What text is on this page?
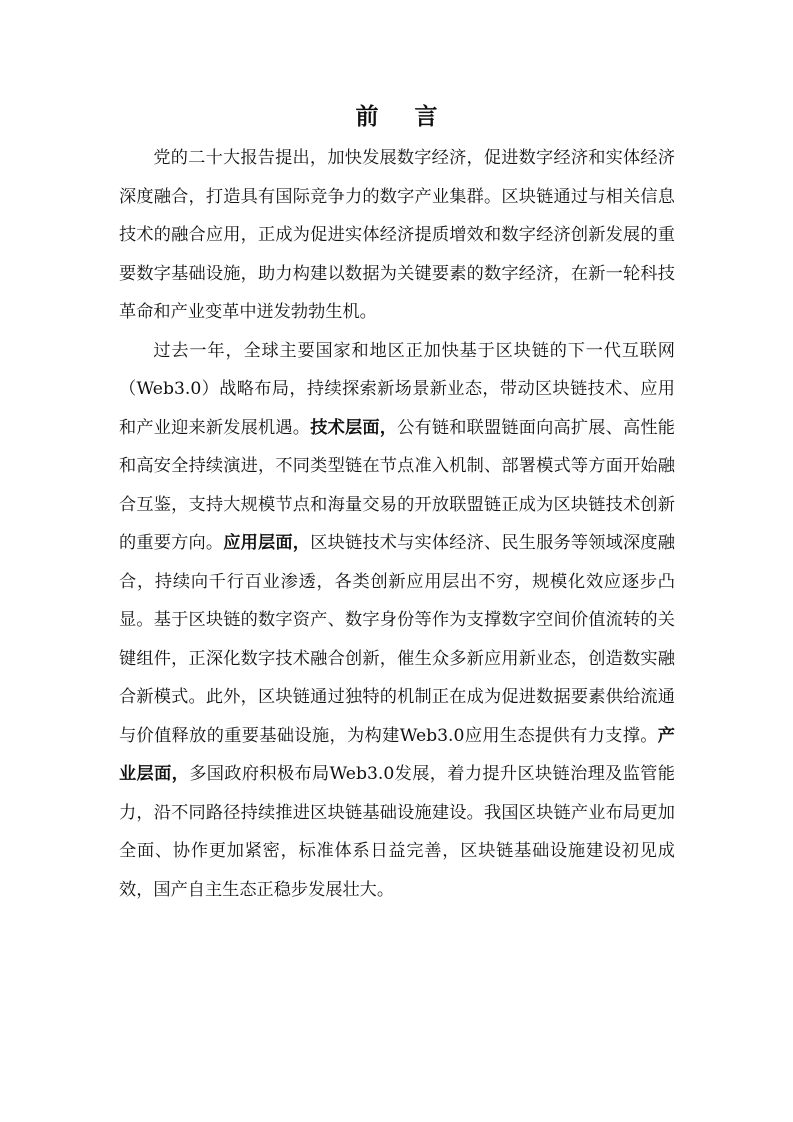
前 言

党的二十大报告提出，加快发展数字经济，促进数字经济和实体经济深度融合，打造具有国际竞争力的数字产业集群。区块链通过与相关信息技术的融合应用，正成为促进实体经济提质增效和数字经济创新发展的重要数字基础设施，助力构建以数据为关键要素的数字经济，在新一轮科技革命和产业变革中迸发勃勃生机。

过去一年，全球主要国家和地区正加快基于区块链的下一代互联网（Web3.0）战略布局，持续探索新场景新业态，带动区块链技术、应用和产业迎来新发展机遇。技术层面，公有链和联盟链面向高扩展、高性能和高安全持续演进，不同类型链在节点准入机制、部署模式等方面开始融合互鉴，支持大规模节点和海量交易的开放联盟链正成为区块链技术创新的重要方向。应用层面，区块链技术与实体经济、民生服务等领域深度融合，持续向千行百业渗透，各类创新应用层出不穷，规模化效应逐步凸显。基于区块链的数字资产、数字身份等作为支撑数字空间价值流转的关键组件，正深化数字技术融合创新，催生众多新应用新业态，创造数实融合新模式。此外，区块链通过独特的机制正在成为促进数据要素供给流通与价值释放的重要基础设施，为构建Web3.0应用生态提供有力支撑。产业层面，多国政府积极布局Web3.0发展，着力提升区块链治理及监管能力，沿不同路径持续推进区块链基础设施建设。我国区块链产业布局更加全面、协作更加紧密，标准体系日益完善，区块链基础设施建设初见成效，国产自主生态正稳步发展壮大。
